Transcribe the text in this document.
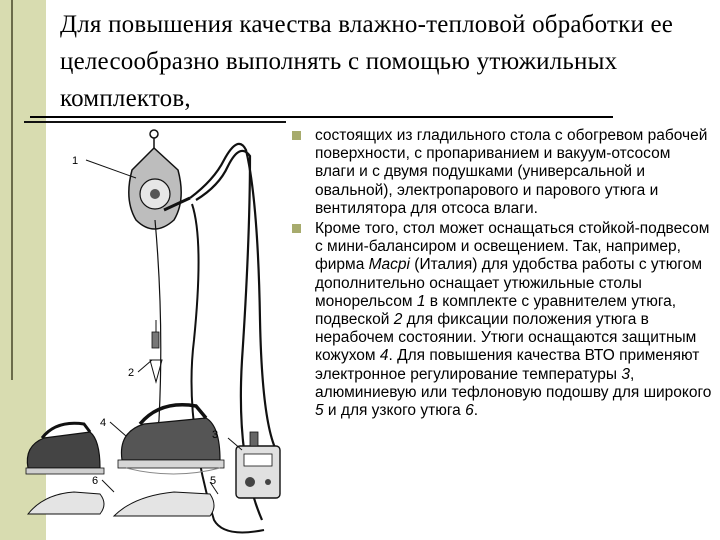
Для повышения качества влажно-тепловой обработки ее целесообразно выполнять с помощью утюжильных комплектов,
1
2
4
3
6	5

состоящих из гладильного стола с обогревом рабочей поверхности, с пропариванием и вакуум-отсосом влаги и с двумя подушками (универсальной и овальной), электропарового и парового утюга и вентилятора для отсоса влаги.

Кроме того, стол может оснащаться стойкой-подвесом с мини-балансиром и освещением. Так, например, фирма Macpi (Италия) для удобства работы с утюгом дополнительно оснащает утюжильные столы монорельсом 1 в комплекте с уравнителем утюга, подвеской 2 для фиксации положения утюга в нерабочем состоянии. Утюги оснащаются защитным кожухом 4. Для повышения качества ВТО применяют электронное регулирование температуры 3, алюминиевую или тефлоновую подошву для широкого 5 и для узкого утюга 6.
